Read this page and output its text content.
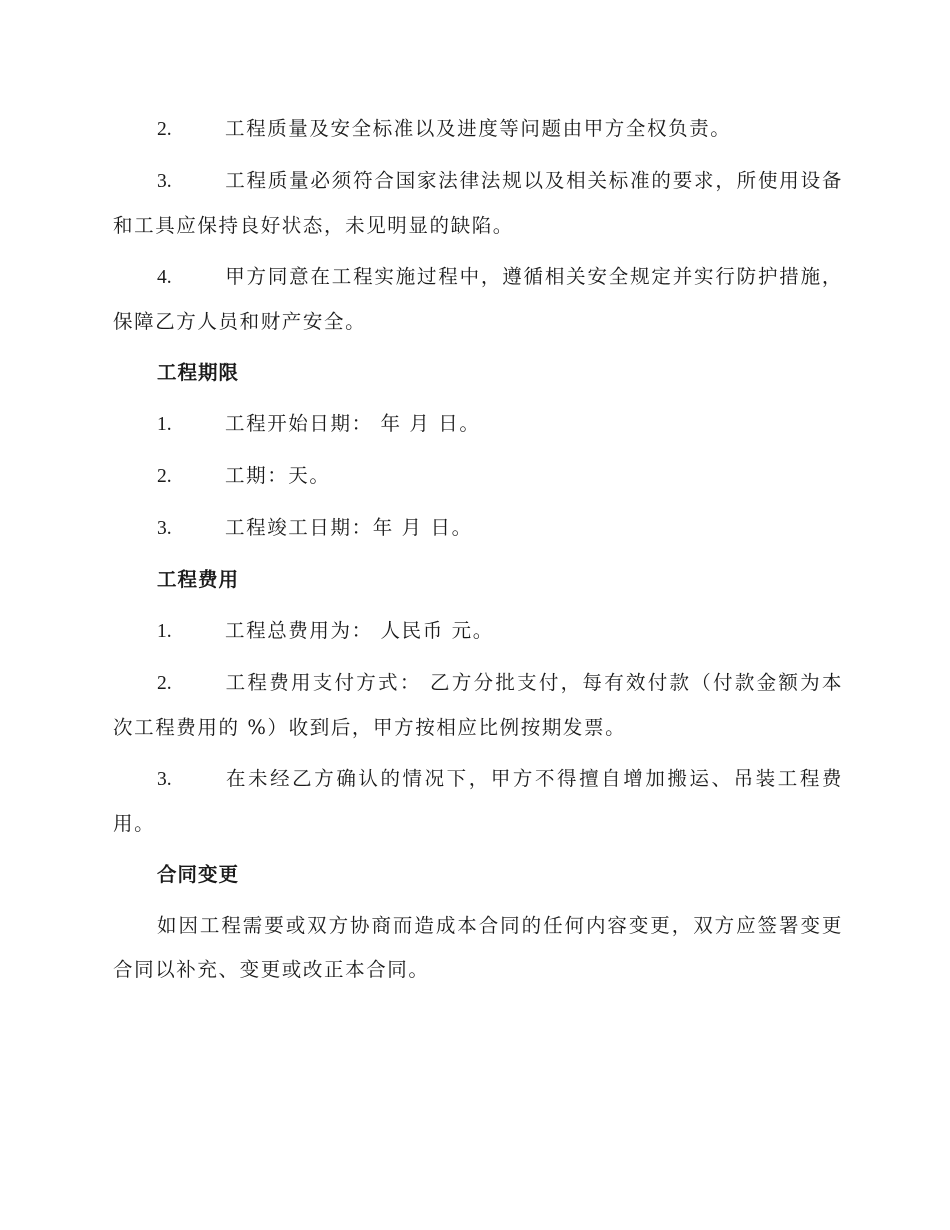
2.	工程质量及安全标准以及进度等问题由甲方全权负责。

3.	工程质量必须符合国家法律法规以及相关标准的要求，所使用设备和工具应保持良好状态，未见明显的缺陷。

4.	甲方同意在工程实施过程中，遵循相关安全规定并实行防护措施，保障乙方人员和财产安全。

工程期限

1.	工程开始日期： 年 月 日。

2.	工期：天。

3.	工程竣工日期：年 月 日。

工程费用

1.	工程总费用为： 人民币 元。

2.	工程费用支付方式： 乙方分批支付，每有效付款（付款金额为本次工程费用的 %）收到后，甲方按相应比例按期发票。

3.	在未经乙方确认的情况下，甲方不得擅自增加搬运、吊装工程费用。

合同变更

如因工程需要或双方协商而造成本合同的任何内容变更，双方应签署变更合同以补充、变更或改正本合同。
